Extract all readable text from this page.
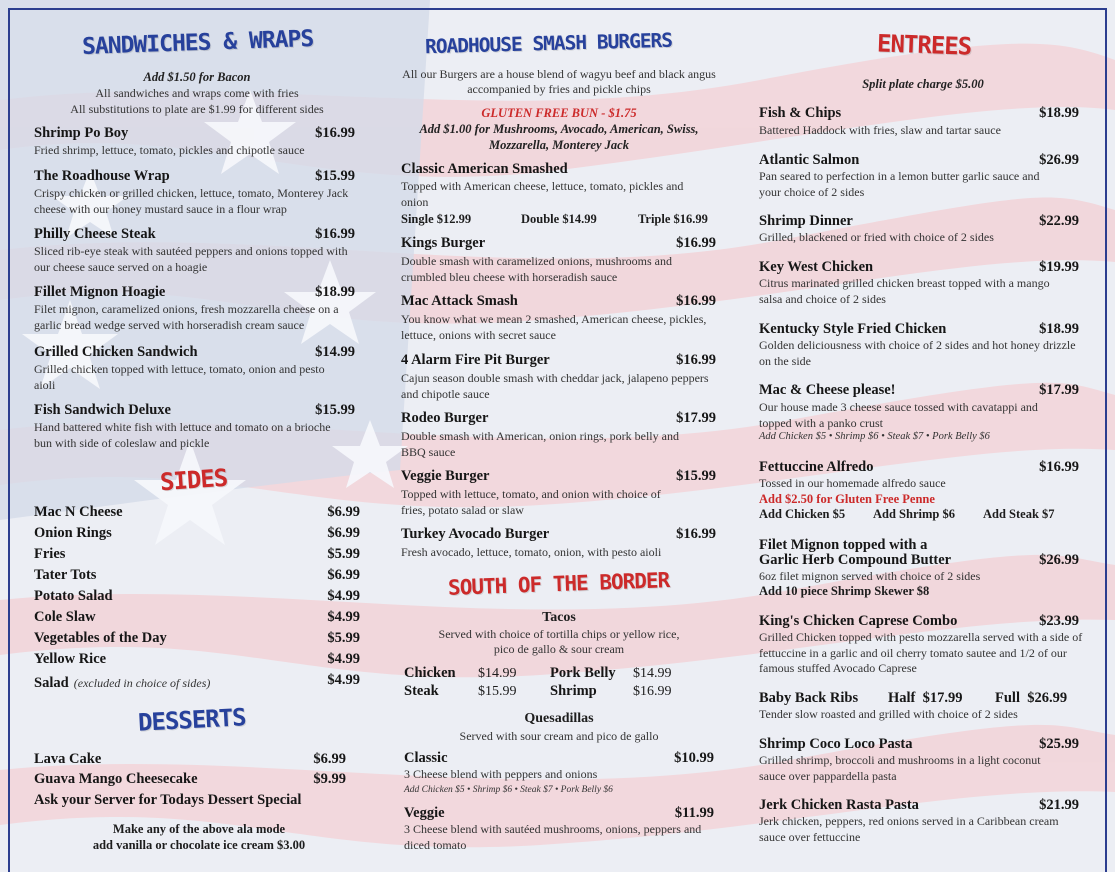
SANDWICHES & WRAPS
Add $1.50 for Bacon
All sandwiches and wraps come with fries
All substitutions to plate are $1.99 for different sides
Shrimp Po Boy	$16.99
Fried shrimp, lettuce, tomato, pickles and chipotle sauce
The Roadhouse Wrap	$15.99
Crispy chicken or grilled chicken, lettuce, tomato, Monterey Jack cheese with our honey mustard sauce in a flour wrap
Philly Cheese Steak	$16.99
Sliced rib-eye steak with sautéed peppers and onions topped with our cheese sauce served on a hoagie
Fillet Mignon Hoagie	$18.99
Filet mignon, caramelized onions, fresh mozzarella cheese on a garlic bread wedge served with horseradish cream sauce
Grilled Chicken Sandwich	$14.99
Grilled chicken topped with lettuce, tomato, onion and pesto aioli
Fish Sandwich Deluxe	$15.99
Hand battered white fish with lettuce and tomato on a brioche bun with side of coleslaw and pickle
SIDES
Mac N Cheese	$6.99
Onion Rings	$6.99
Fries	$5.99
Tater Tots	$6.99
Potato Salad	$4.99
Cole Slaw	$4.99
Vegetables of the Day	$5.99
Yellow Rice	$4.99
Salad (excluded in choice of sides)	$4.99
DESSERTS
Lava Cake	$6.99
Guava Mango Cheesecake	$9.99
Ask your Server for Todays Dessert Special
Make any of the above ala mode
add vanilla or chocolate ice cream $3.00
ROADHOUSE SMASH BURGERS
All our Burgers are a house blend of wagyu beef and black angus accompanied by fries and pickle chips
GLUTEN FREE BUN - $1.75
Add $1.00 for Mushrooms, Avocado, American, Swiss, Mozzarella, Monterey Jack
Classic American Smashed
Topped with American cheese, lettuce, tomato, pickles and onion
Single $12.99	Double $14.99	Triple $16.99
Kings Burger	$16.99
Double smash with caramelized onions, mushrooms and crumbled bleu cheese with horseradish sauce
Mac Attack Smash	$16.99
You know what we mean 2 smashed, American cheese, pickles, lettuce, onions with secret sauce
4 Alarm Fire Pit Burger	$16.99
Cajun season double smash with cheddar jack, jalapeno peppers and chipotle sauce
Rodeo Burger	$17.99
Double smash with American, onion rings, pork belly and BBQ sauce
Veggie Burger	$15.99
Topped with lettuce, tomato, and onion with choice of fries, potato salad or slaw
Turkey Avocado Burger	$16.99
Fresh avocado, lettuce, tomato, onion, with pesto aioli
SOUTH OF THE BORDER
Tacos
Served with choice of tortilla chips or yellow rice, pico de gallo & sour cream
Chicken $14.99 Pork Belly $14.99
Steak	$15.99 Shrimp	$16.99
Quesadillas
Served with sour cream and pico de gallo
Classic	$10.99
3 Cheese blend with peppers and onions
Add Chicken $5 • Shrimp $6 • Steak $7 • Pork Belly $6
Veggie	$11.99
3 Cheese blend with sautéed mushrooms, onions, peppers and diced tomato
ENTREES
Split plate charge $5.00
Fish & Chips	$18.99
Battered Haddock with fries, slaw and tartar sauce
Atlantic Salmon	$26.99
Pan seared to perfection in a lemon butter garlic sauce and your choice of 2 sides
Shrimp Dinner	$22.99
Grilled, blackened or fried with choice of 2 sides
Key West Chicken	$19.99
Citrus marinated grilled chicken breast topped with a mango salsa and choice of 2 sides
Kentucky Style Fried Chicken	$18.99
Golden deliciousness with choice of 2 sides and hot honey drizzle on the side
Mac & Cheese please!	$17.99
Our house made 3 cheese sauce tossed with cavatappi and topped with a panko crust
Add Chicken $5 • Shrimp $6 • Steak $7 • Pork Belly $6
Fettuccine Alfredo	$16.99
Tossed in our homemade alfredo sauce
Add $2.50 for Gluten Free Penne
Add Chicken $5 Add Shrimp $6 Add Steak $7
Filet Mignon topped with a
Garlic Herb Compound Butter	$26.99
6oz filet mignon served with choice of 2 sides
Add 10 piece Shrimp Skewer $8
King's Chicken Caprese Combo	$23.99
Grilled Chicken topped with pesto mozzarella served with a side of fettuccine in a garlic and oil cherry tomato sautee and 1/2 of our famous stuffed Avocado Caprese
Baby Back Ribs Half  $17.99 Full  $26.99
Tender slow roasted and grilled with choice of 2 sides
Shrimp Coco Loco Pasta	$25.99
Grilled shrimp, broccoli and mushrooms in a light coconut sauce over pappardella pasta
Jerk Chicken Rasta Pasta	$21.99
Jerk chicken, peppers, red onions served in a Caribbean cream sauce over fettuccine
